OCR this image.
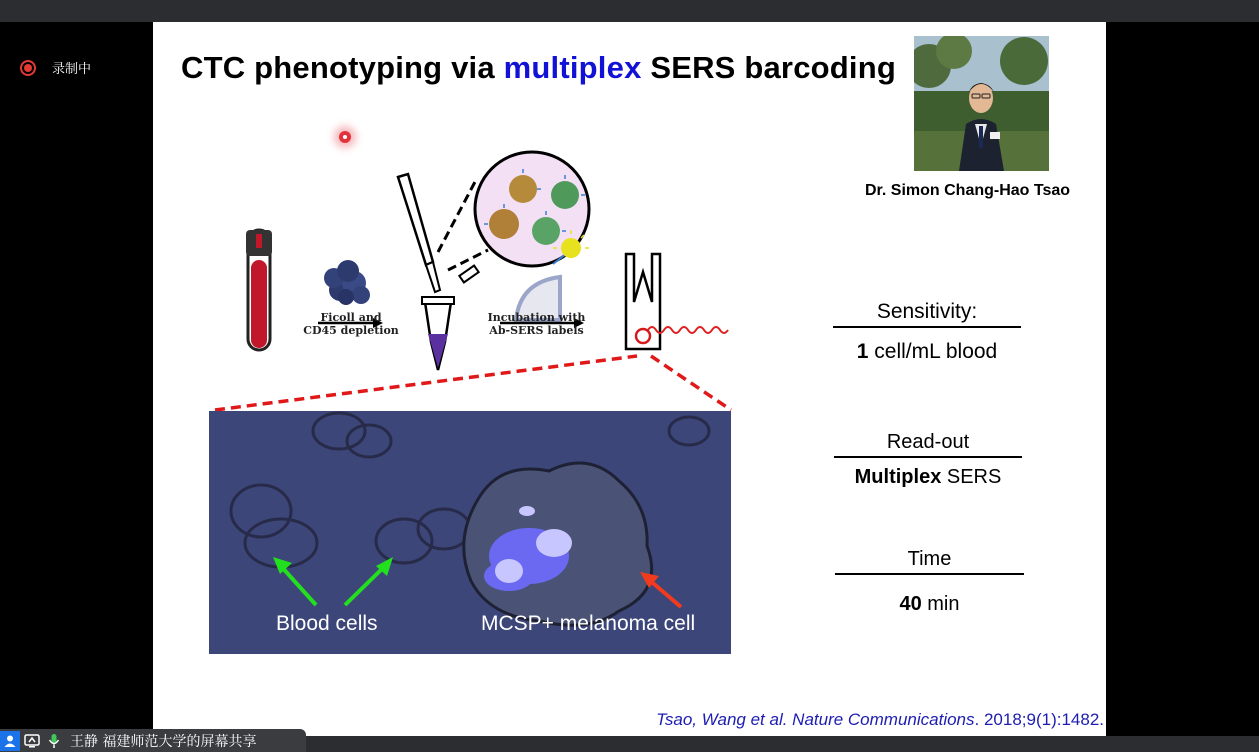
录制中	CTC phenotyping via multiplex SERS barcoding
Dr. Simon Chang-Hao Tsao
Ficoll and
CD45 depletion
Incubation with
Ab-SERS labels
Blood cells	MCSP+ melanoma cell
Sensitivity:
1 cell/mL blood
Read-out
Multiplex SERS
Time
40 min
Tsao, Wang et al. Nature Communications. 2018;9(1):1482.
王静 福建师范大学的屏幕共享
